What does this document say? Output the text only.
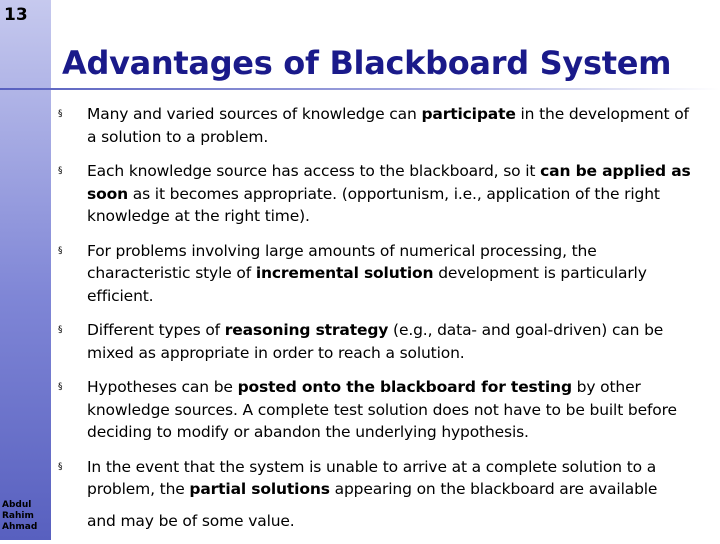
13
Abdul
Rahim
Ahmad
Advantages of Blackboard System
§ Many and varied sources of knowledge can participate in the development of a solution to a problem.
§ Each knowledge source has access to the blackboard, so it can be applied as soon as it becomes appropriate. (opportunism, i.e., application of the right knowledge at the right time).
§ For problems involving large amounts of numerical processing, the characteristic style of incremental solution development is particularly efficient.
§ Different types of reasoning strategy (e.g., data- and goal-driven) can be mixed as appropriate in order to reach a solution.
§ Hypotheses can be posted onto the blackboard for testing by other knowledge sources. A complete test solution does not have to be built before deciding to modify or abandon the underlying hypothesis.
§ In the event that the system is unable to arrive at a complete solution to a problem, the partial solutions appearing on the blackboard are available
and may be of some value.
